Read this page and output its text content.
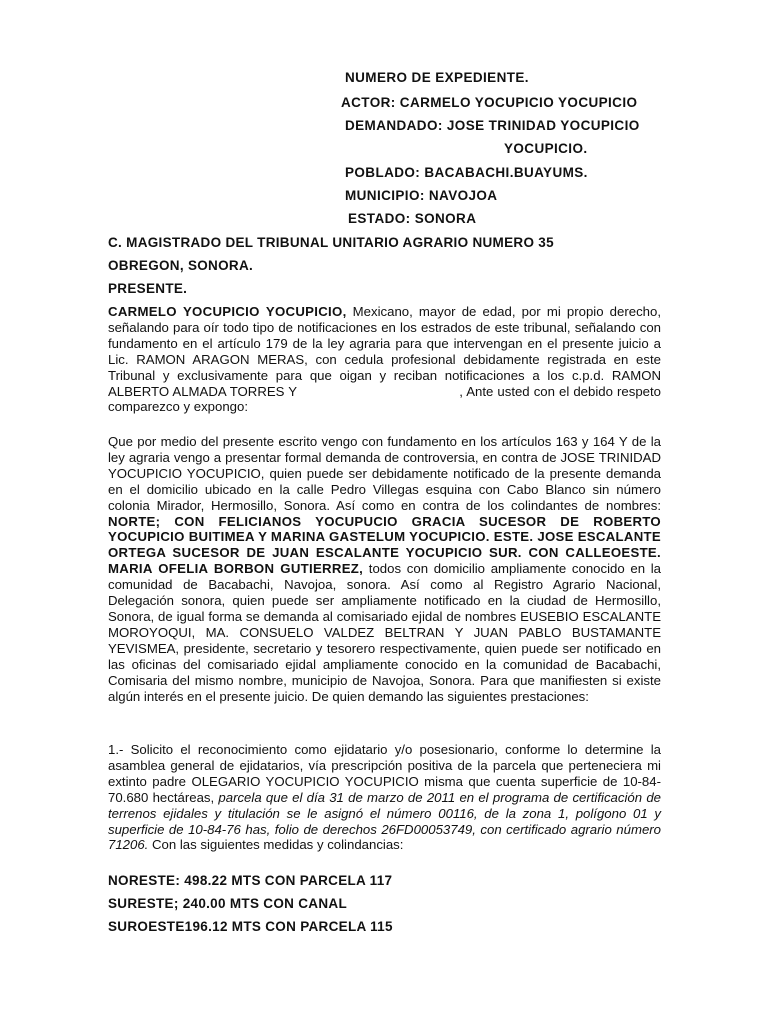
NUMERO DE EXPEDIENTE.
ACTOR: CARMELO YOCUPICIO YOCUPICIO
DEMANDADO: JOSE TRINIDAD YOCUPICIO
YOCUPICIO.
POBLADO: BACABACHI.BUAYUMS.
MUNICIPIO: NAVOJOA
ESTADO: SONORA
C. MAGISTRADO DEL TRIBUNAL UNITARIO AGRARIO NUMERO 35
OBREGON, SONORA.
PRESENTE.
CARMELO YOCUPICIO YOCUPICIO, Mexicano, mayor de edad, por mi propio derecho, señalando para oír todo tipo de notificaciones en los estrados de este tribunal, señalando con fundamento en el artículo 179 de la ley agraria para que intervengan en el presente juicio a Lic. RAMON ARAGON MERAS, con cedula profesional debidamente registrada en este Tribunal y exclusivamente para que oigan y reciban notificaciones a los c.p.d. RAMON ALBERTO ALMADA TORRES Y	, Ante usted con el debido respeto comparezco y expongo:
Que por medio del presente escrito vengo con fundamento en los artículos 163 y 164 Y de la ley agraria vengo a presentar formal demanda de controversia, en contra de JOSE TRINIDAD YOCUPICIO YOCUPICIO, quien puede ser debidamente notificado de la presente demanda en el domicilio ubicado en la calle Pedro Villegas esquina con Cabo Blanco sin número colonia Mirador, Hermosillo, Sonora. Así como en contra de los colindantes de nombres: NORTE; CON FELICIANOS YOCUPUCIO GRACIA SUCESOR DE ROBERTO YOCUPICIO BUITIMEA Y MARINA GASTELUM YOCUPICIO. ESTE. JOSE ESCALANTE ORTEGA SUCESOR DE JUAN ESCALANTE YOCUPICIO SUR. CON CALLEOESTE. MARIA OFELIA BORBON GUTIERREZ, todos con domicilio ampliamente conocido en la comunidad de Bacabachi, Navojoa, sonora. Así como al Registro Agrario Nacional, Delegación sonora, quien puede ser ampliamente notificado en la ciudad de Hermosillo, Sonora, de igual forma se demanda al comisariado ejidal de nombres EUSEBIO ESCALANTE MOROYOQUI, MA. CONSUELO VALDEZ BELTRAN Y JUAN PABLO BUSTAMANTE YEVISMEA, presidente, secretario y tesorero respectivamente, quien puede ser notificado en las oficinas del comisariado ejidal ampliamente conocido en la comunidad de Bacabachi, Comisaria del mismo nombre, municipio de Navojoa, Sonora. Para que manifiesten si existe algún interés en el presente juicio. De quien demando las siguientes prestaciones:
1.- Solicito el reconocimiento como ejidatario y/o posesionario, conforme lo determine la asamblea general de ejidatarios, vía prescripción positiva de la parcela que perteneciera mi extinto padre OLEGARIO YOCUPICIO YOCUPICIO misma que cuenta superficie de 10-84-70.680 hectáreas, parcela que el día 31 de marzo de 2011 en el programa de certificación de terrenos ejidales y titulación se le asignó el número 00116, de la zona 1, polígono 01 y superficie de 10-84-76 has, folio de derechos 26FD00053749, con certificado agrario número 71206. Con las siguientes medidas y colindancias:
NORESTE: 498.22 MTS CON PARCELA 117
SURESTE; 240.00 MTS CON CANAL
SUROESTE196.12 MTS CON PARCELA 115
